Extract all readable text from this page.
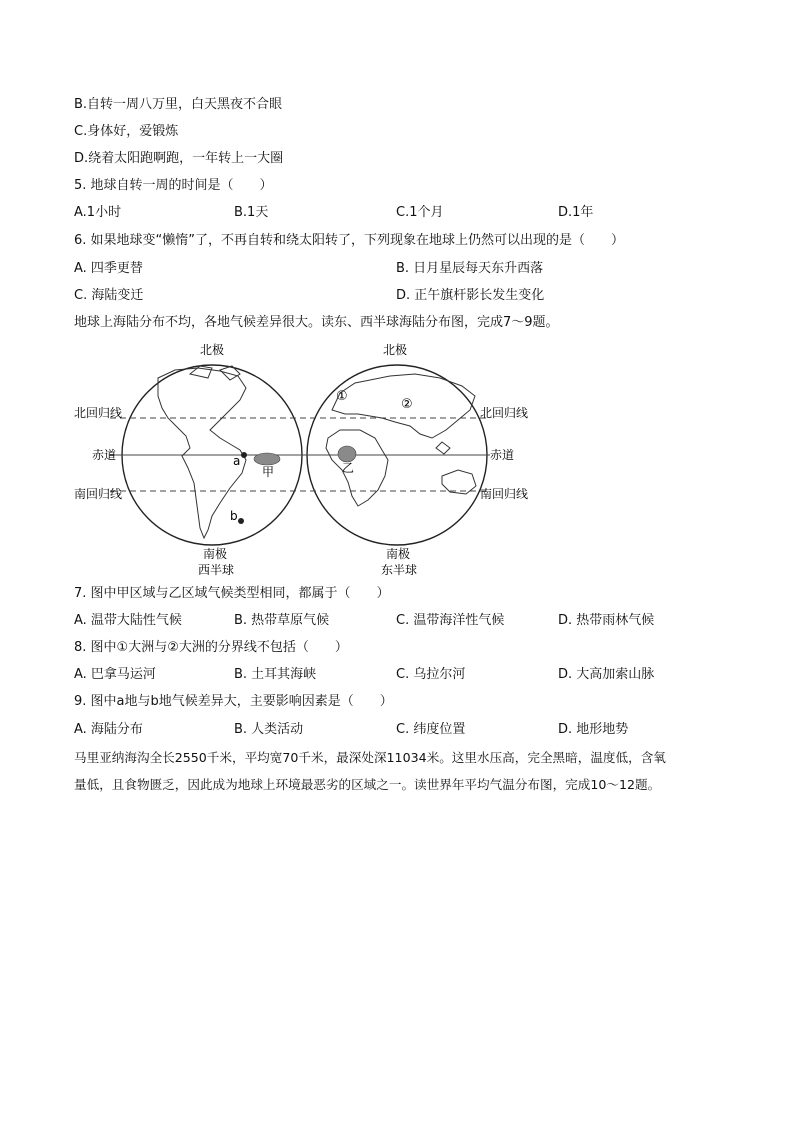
B.自转一周八万里，白天黑夜不合眼
C.身体好，爱锻炼
D.绕着太阳跑啊跑，一年转上一大圈
5. 地球自转一周的时间是（　　）
A.1小时	B.1天	C.1个月	D.1年
6. 如果地球变“懒惰”了，不再自转和绕太阳转了，下列现象在地球上仍然可以出现的是（　　）
A. 四季更替	B. 日月星辰每天东升西落
C. 海陆变迁	D. 正午旗杆影长发生变化
地球上海陆分布不均，各地气候差异很大。读东、西半球海陆分布图，完成7～9题。
北极	北极
北回归线	北回归线
赤道	赤道
南回归线	南回归线
南极	南极
西半球	东半球
a
b
甲	乙
①
②
7. 图中甲区域与乙区域气候类型相同，都属于（　　）
A. 温带大陆性气候	B. 热带草原气候	C. 温带海洋性气候	D. 热带雨林气候
8. 图中①大洲与②大洲的分界线不包括（　　）
A. 巴拿马运河	B. 土耳其海峡	C. 乌拉尔河	D. 大高加索山脉
9. 图中a地与b地气候差异大，主要影响因素是（　　）
A. 海陆分布	B. 人类活动	C. 纬度位置	D. 地形地势
马里亚纳海沟全长2550千米，平均宽70千米，最深处深11034米。这里水压高，完全黑暗，温度低，含氧
量低，且食物匮乏，因此成为地球上环境最恶劣的区域之一。读世界年平均气温分布图，完成10～12题。
